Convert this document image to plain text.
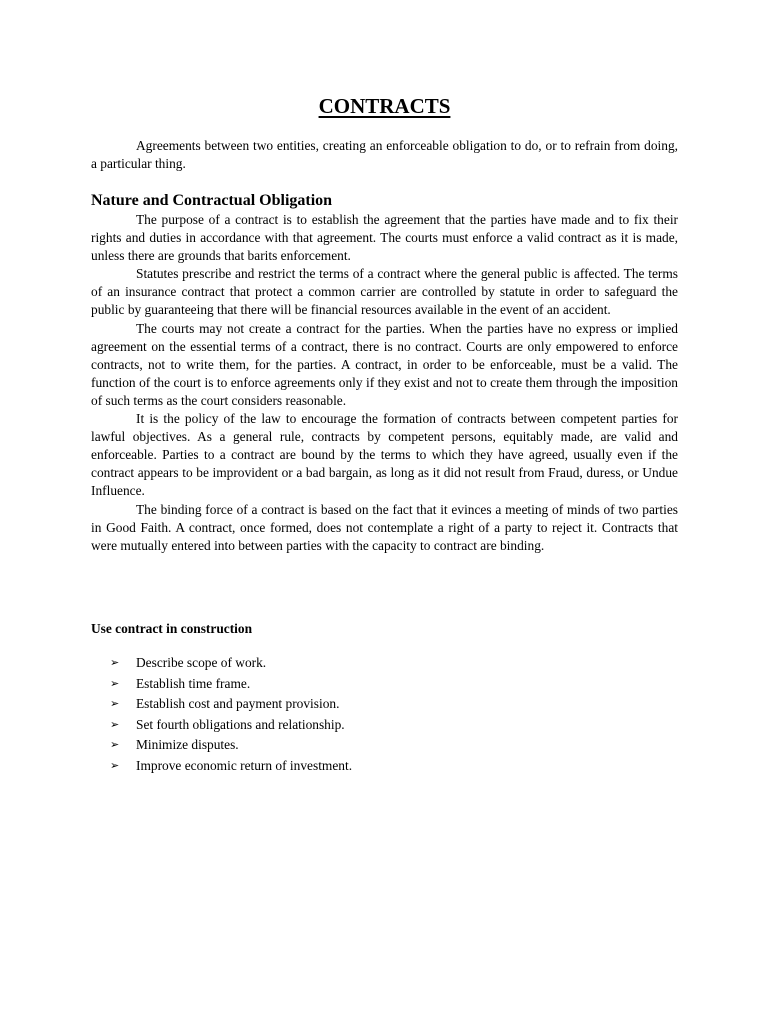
CONTRACTS

Agreements between two entities, creating an enforceable obligation to do, or to refrain from doing, a particular thing.

Nature and Contractual Obligation

The purpose of a contract is to establish the agreement that the parties have made and to fix their rights and duties in accordance with that agreement. The courts must enforce a valid contract as it is made, unless there are grounds that barits enforcement.

Statutes prescribe and restrict the terms of a contract where the general public is affected. The terms of an insurance contract that protect a common carrier are controlled by statute in order to safeguard the public by guaranteeing that there will be financial resources available in the event of an accident.

The courts may not create a contract for the parties. When the parties have no express or implied agreement on the essential terms of a contract, there is no contract. Courts are only empowered to enforce contracts, not to write them, for the parties. A contract, in order to be enforceable, must be a valid. The function of the court is to enforce agreements only if they exist and not to create them through the imposition of such terms as the court considers reasonable.

It is the policy of the law to encourage the formation of contracts between competent parties for lawful objectives. As a general rule, contracts by competent persons, equitably made, are valid and enforceable. Parties to a contract are bound by the terms to which they have agreed, usually even if the contract appears to be improvident or a bad bargain, as long as it did not result from Fraud, duress, or Undue Influence.

The binding force of a contract is based on the fact that it evinces a meeting of minds of two parties in Good Faith. A contract, once formed, does not contemplate a right of a party to reject it. Contracts that were mutually entered into between parties with the capacity to contract are binding.

Use contract in construction
➢	Describe scope of work.
➢	Establish time frame.
➢	Establish cost and payment provision.
➢	Set fourth obligations and relationship.
➢	Minimize disputes.
➢	Improve economic return of investment.
